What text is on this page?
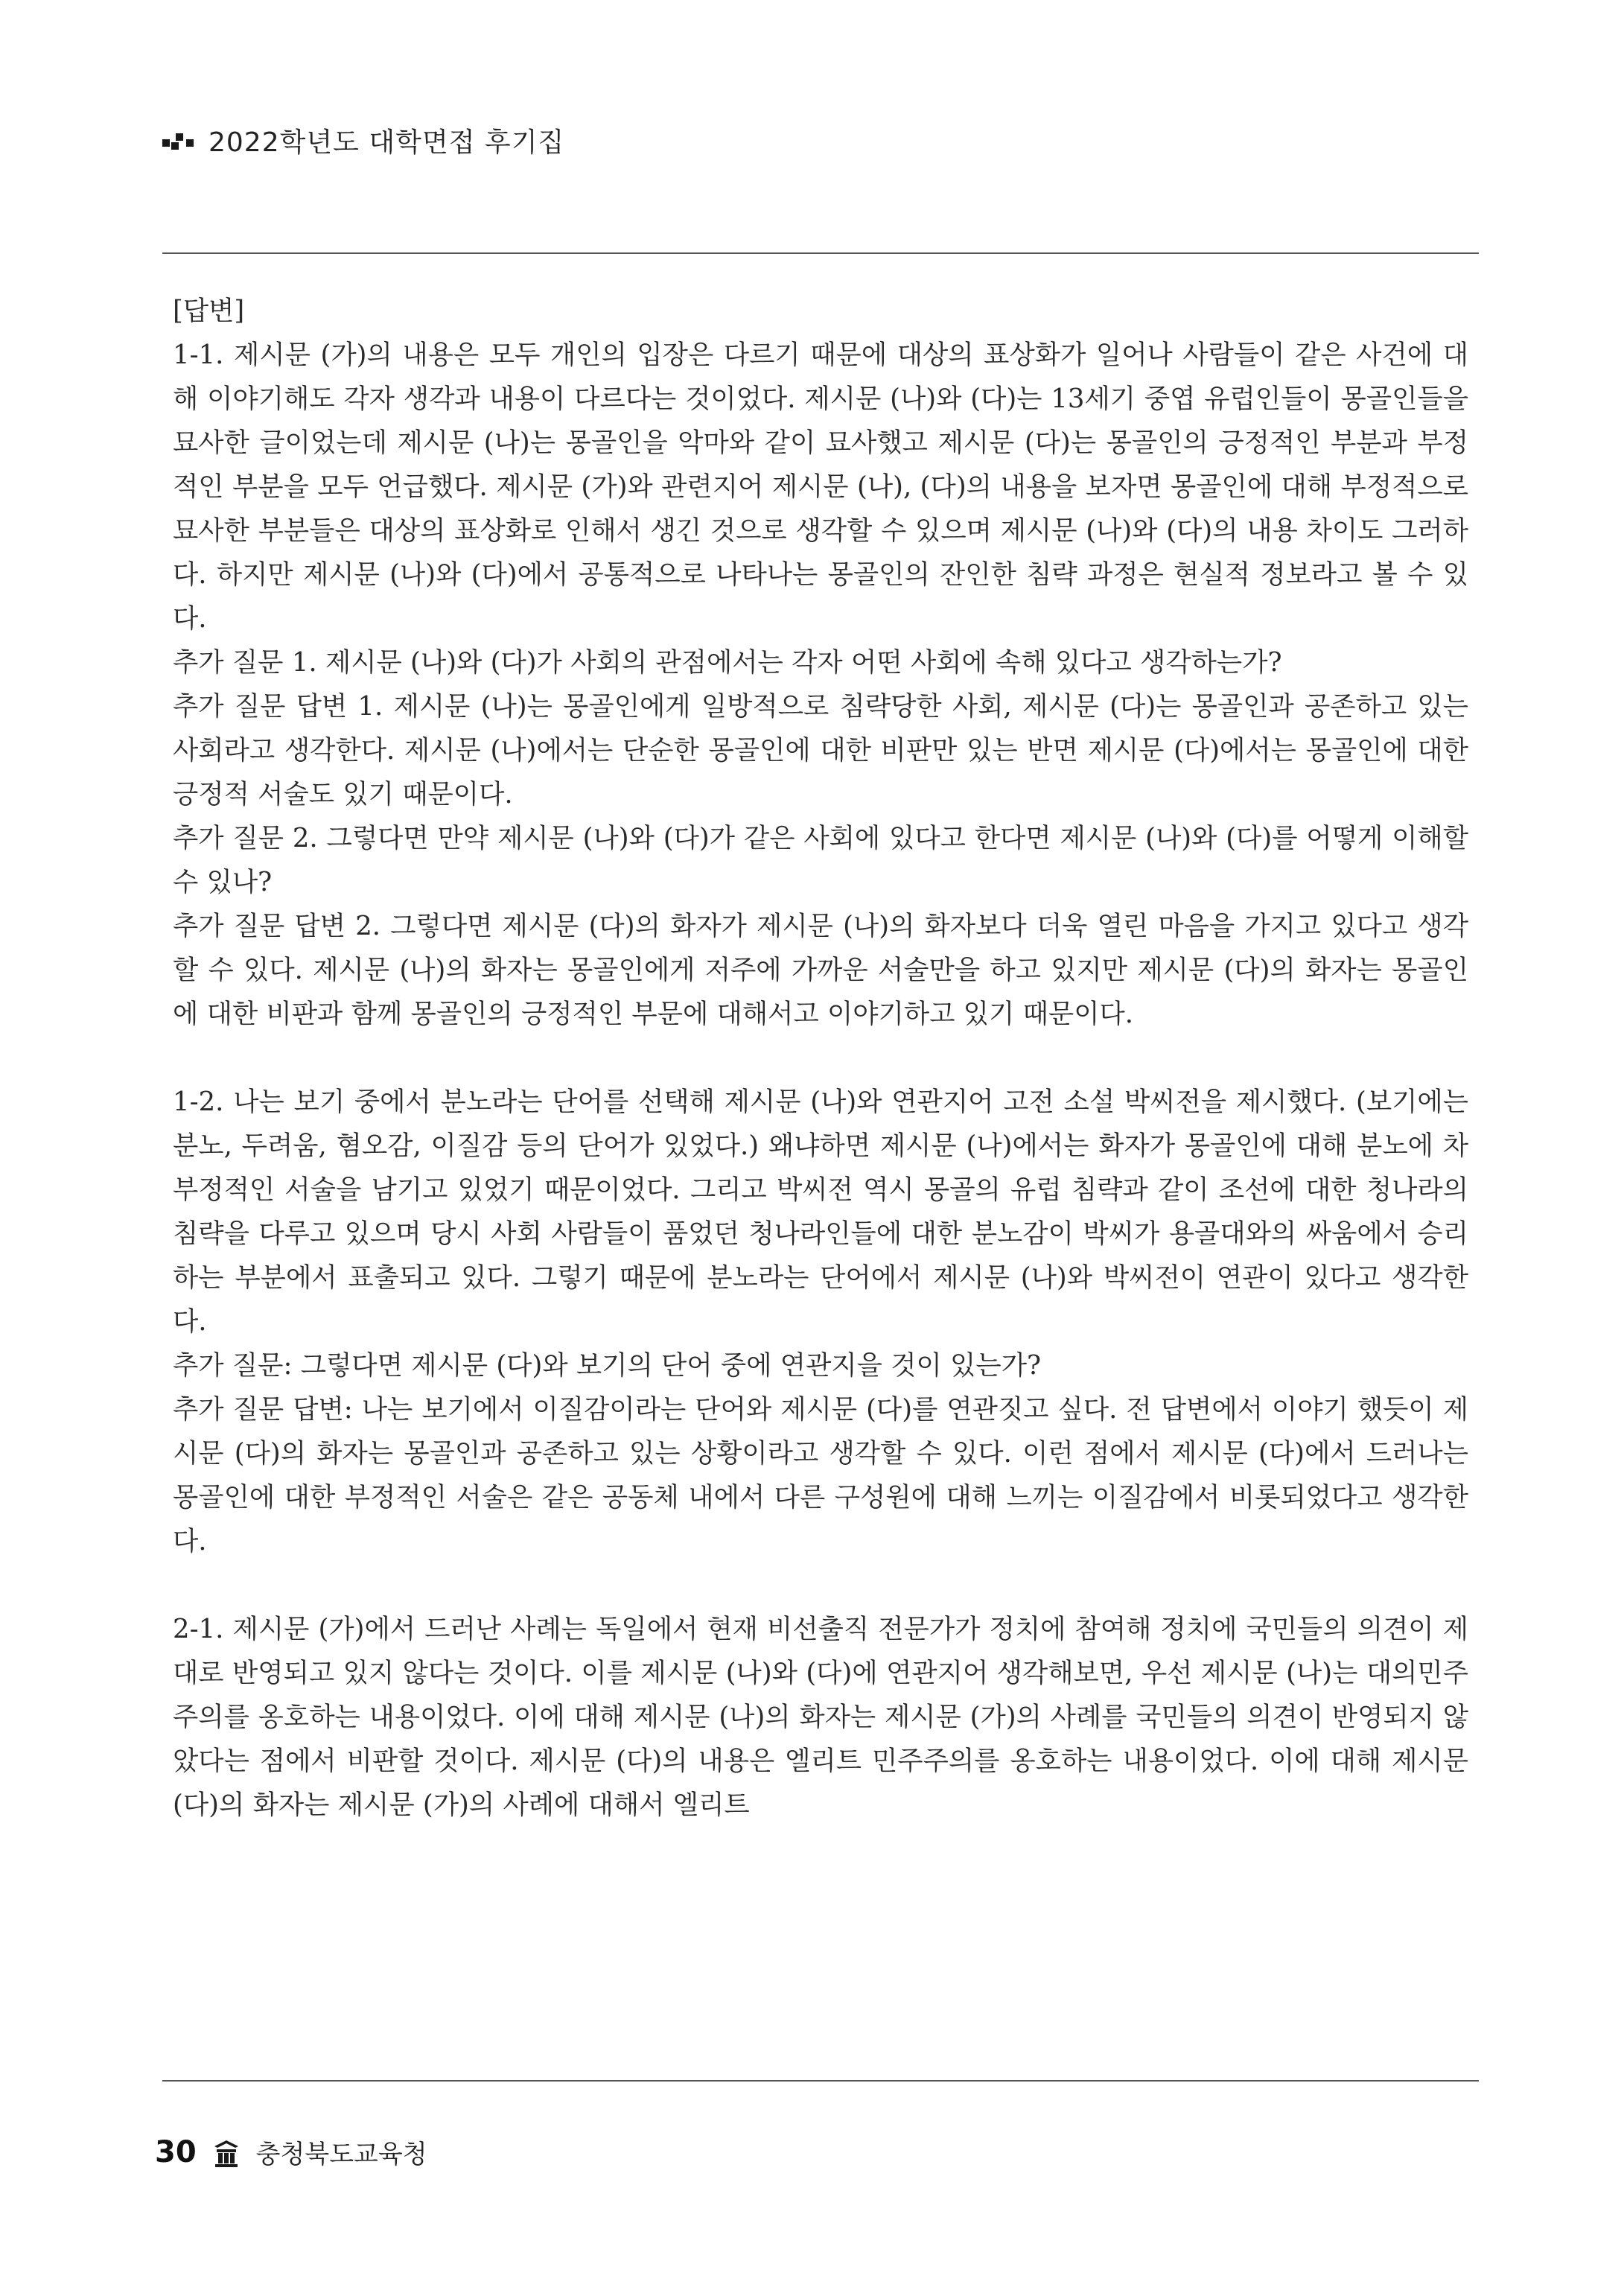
2022학년도 대학면접 후기집

[답변]

1-1. 제시문 (가)의 내용은 모두 개인의 입장은 다르기 때문에 대상의 표상화가 일어나 사람들이 같은 사건에 대해 이야기해도 각자 생각과 내용이 다르다는 것이었다. 제시문 (나)와 (다)는 13세기 중엽 유럽인들이 몽골인들을 묘사한 글이었는데 제시문 (나)는 몽골인을 악마와 같이 묘사했고 제시문 (다)는 몽골인의 긍정적인 부분과 부정적인 부분을 모두 언급했다. 제시문 (가)와 관련지어 제시문 (나), (다)의 내용을 보자면 몽골인에 대해 부정적으로 묘사한 부분들은 대상의 표상화로 인해서 생긴 것으로 생각할 수 있으며 제시문 (나)와 (다)의 내용 차이도 그러하다. 하지만 제시문 (나)와 (다)에서 공통적으로 나타나는 몽골인의 잔인한 침략 과정은 현실적 정보라고 볼 수 있다.

추가 질문 1. 제시문 (나)와 (다)가 사회의 관점에서는 각자 어떤 사회에 속해 있다고 생각하는가?

추가 질문 답변 1. 제시문 (나)는 몽골인에게 일방적으로 침략당한 사회, 제시문 (다)는 몽골인과 공존하고 있는 사회라고 생각한다. 제시문 (나)에서는 단순한 몽골인에 대한 비판만 있는 반면 제시문 (다)에서는 몽골인에 대한 긍정적 서술도 있기 때문이다.

추가 질문 2. 그렇다면 만약 제시문 (나)와 (다)가 같은 사회에 있다고 한다면 제시문 (나)와 (다)를 어떻게 이해할 수 있나?

추가 질문 답변 2. 그렇다면 제시문 (다)의 화자가 제시문 (나)의 화자보다 더욱 열린 마음을 가지고 있다고 생각할 수 있다. 제시문 (나)의 화자는 몽골인에게 저주에 가까운 서술만을 하고 있지만 제시문 (다)의 화자는 몽골인에 대한 비판과 함께 몽골인의 긍정적인 부문에 대해서고 이야기하고 있기 때문이다.

1-2. 나는 보기 중에서 분노라는 단어를 선택해 제시문 (나)와 연관지어 고전 소설 박씨전을 제시했다. (보기에는 분노, 두려움, 혐오감, 이질감 등의 단어가 있었다.) 왜냐하면 제시문 (나)에서는 화자가 몽골인에 대해 분노에 차 부정적인 서술을 남기고 있었기 때문이었다. 그리고 박씨전 역시 몽골의 유럽 침략과 같이 조선에 대한 청나라의 침략을 다루고 있으며 당시 사회 사람들이 품었던 청나라인들에 대한 분노감이 박씨가 용골대와의 싸움에서 승리하는 부분에서 표출되고 있다. 그렇기 때문에 분노라는 단어에서 제시문 (나)와 박씨전이 연관이 있다고 생각한다.

추가 질문: 그렇다면 제시문 (다)와 보기의 단어 중에 연관지을 것이 있는가?

추가 질문 답변: 나는 보기에서 이질감이라는 단어와 제시문 (다)를 연관짓고 싶다. 전 답변에서 이야기 했듯이 제시문 (다)의 화자는 몽골인과 공존하고 있는 상황이라고 생각할 수 있다. 이런 점에서 제시문 (다)에서 드러나는 몽골인에 대한 부정적인 서술은 같은 공동체 내에서 다른 구성원에 대해 느끼는 이질감에서 비롯되었다고 생각한다.

2-1. 제시문 (가)에서 드러난 사례는 독일에서 현재 비선출직 전문가가 정치에 참여해 정치에 국민들의 의견이 제대로 반영되고 있지 않다는 것이다. 이를 제시문 (나)와 (다)에 연관지어 생각해보면, 우선 제시문 (나)는 대의민주주의를 옹호하는 내용이었다. 이에 대해 제시문 (나)의 화자는 제시문 (가)의 사례를 국민들의 의견이 반영되지 않았다는 점에서 비판할 것이다. 제시문 (다)의 내용은 엘리트 민주주의를 옹호하는 내용이었다. 이에 대해 제시문 (다)의 화자는 제시문 (가)의 사례에 대해서 엘리트

30 충청북도교육청
